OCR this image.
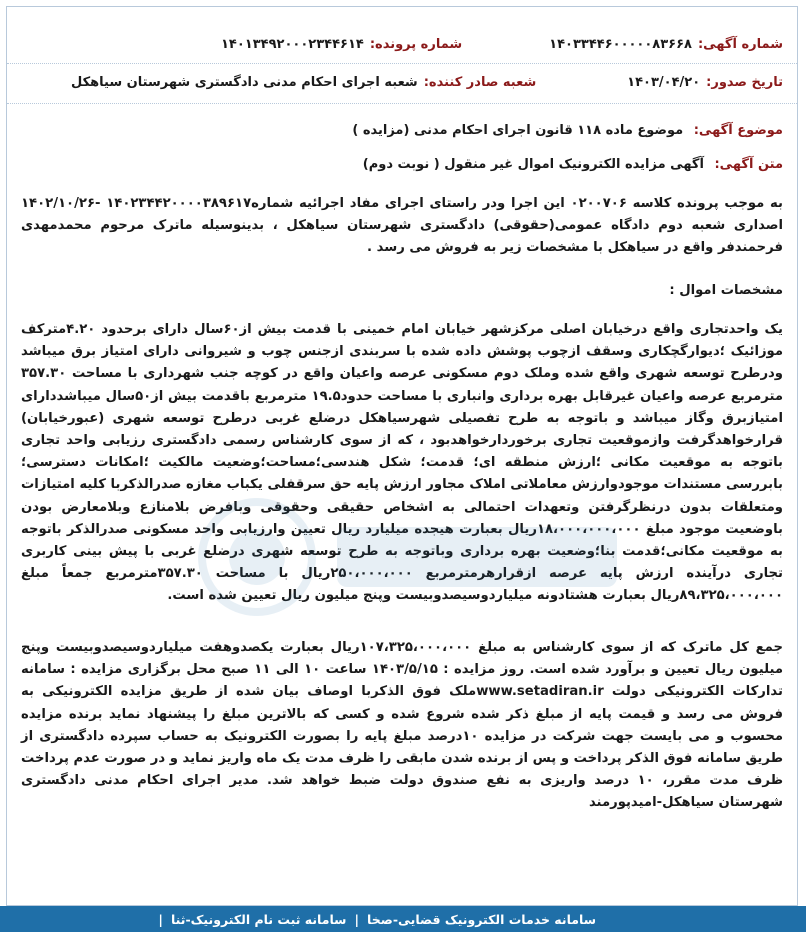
شماره آگهی:
۱۴۰۳۳۴۴۶۰۰۰۰۰۸۳۶۶۸
شماره پرونده:
۱۴۰۱۳۴۹۲۰۰۰۲۳۴۴۶۱۴
تاریخ صدور:
۱۴۰۳/۰۴/۲۰
شعبه صادر کننده:
شعبه اجرای احکام مدنی دادگستری شهرستان سیاهکل
موضوع آگهی: موضوع ماده ۱۱۸ قانون اجرای احکام مدنی (مزایده )
متن آگهی: آگهی مزایده الکترونیک اموال غیر منقول ( نوبت دوم)
به موجب پرونده کلاسه ۰۲۰۰۷۰۶ این اجرا ودر راستای اجرای مفاد اجرائیه شماره۱۴۰۲۳۴۴۲۰۰۰۰۳۸۹۶۱۷ -۱۴۰۲/۱۰/۲۶ اصداری شعبه دوم دادگاه عمومی(حقوقی) دادگستری شهرستان سیاهکل ، بدینوسیله ماترک مرحوم محمدمهدی فرحمندفر واقع در سیاهکل با مشخصات زیر به فروش می رسد .
مشخصات اموال :
یک واحدتجاری واقع درخیابان اصلی مرکزشهر خیابان امام خمینی با قدمت بیش از۶۰سال دارای برحدود ۴.۲۰مترکف موزائیک ؛دیوارگچکاری وسقف ازچوب پوشش داده شده با سربندی ازجنس چوب و شیروانی دارای امتیاز برق میباشد ودرطرح توسعه شهری واقع شده وملک دوم مسکونی عرصه واعیان واقع در کوچه جنب شهرداری با مساحت ۳۵۷.۳۰ مترمربع عرصه واعیان غیرقابل بهره برداری وانباری با مساحت حدود۱۹.۵ مترمربع باقدمت بیش از۵۰سال میباشددارای امتیازبرق وگاز میباشد و باتوجه به طرح تفصیلی شهرسیاهکل درضلع غربی درطرح توسعه شهری (عبورخیابان) قرارخواهدگرفت وازموقعیت تجاری برخوردارخواهدبود ، که از سوی کارشناس رسمی دادگستری رزیابی واحد تجاری باتوجه به موقعیت مکانی ؛ارزش منطقه ای؛ قدمت؛ شکل هندسی؛مساحت؛وضعیت مالکیت ؛امکانات دسترسی؛بابررسی مستندات موجودوارزش معاملاتی املاک مجاور ارزش پایه حق سرقفلی یکباب مغازه صدرالذکربا کلیه امتیازات ومتعلقات بدون درنظرگرفتن وتعهدات احتمالی به اشخاص حقیقی وحقوقی وبافرض بلامنازع وبلامعارض بودن باوضعیت موجود مبلغ ۱۸،۰۰۰،۰۰۰،۰۰۰ریال بعبارت هیجده میلیارد ریال تعیین وارزیابی واحد مسکونی صدرالذکر باتوجه به موقعیت مکانی؛قدمت بنا؛وضعیت بهره برداری وباتوجه به طرح توسعه شهری درضلع غربی با پیش بینی کاربری تجاری درآینده ارزش پایه عرصه ازقرارهرمترمربع ۲۵۰،۰۰۰،۰۰۰ریال با مساحت ۳۵۷.۳۰مترمربع جمعاً مبلغ ۸۹،۳۲۵،۰۰۰،۰۰۰ریال بعبارت هشتادونه میلیاردوسیصدوبیست وپنج میلیون ریال تعیین شده است.
جمع کل ماترک که از سوی کارشناس به مبلغ ۱۰۷،۳۲۵،۰۰۰،۰۰۰ریال بعبارت یکصدوهفت میلیاردوسیصدوبیست وپنج میلیون ریال تعیین و برآورد شده است. روز مزایده : ۱۴۰۳/۵/۱۵ ساعت ۱۰ الی ۱۱ صبح محل برگزاری مزایده : سامانه تدارکات الکترونیکی دولت www.setadiran.irملک فوق الذکربا اوصاف بیان شده از طریق مزایده الکترونیکی به فروش می رسد و قیمت پایه از مبلغ ذکر شده شروع شده و کسی که بالاترین مبلغ را پیشنهاد نماید برنده مزایده محسوب و می بایست جهت شرکت در مزایده ۱۰درصد مبلغ پایه را بصورت الکترونیک به حساب سپرده دادگستری از طریق سامانه فوق الذکر پرداخت و پس از برنده شدن مابقی را ظرف مدت یک ماه واریز نماید و در صورت عدم پرداخت ظرف مدت مقرر، ۱۰ درصد واریزی به نفع صندوق دولت ضبط خواهد شد. مدیر اجرای احکام مدنی دادگستری شهرستان سیاهکل-امیدپورمند
سامانه خدمات الکترونیک قضایی-صخا
|
سامانه ثبت نام الکترونیک-ثنا
|
